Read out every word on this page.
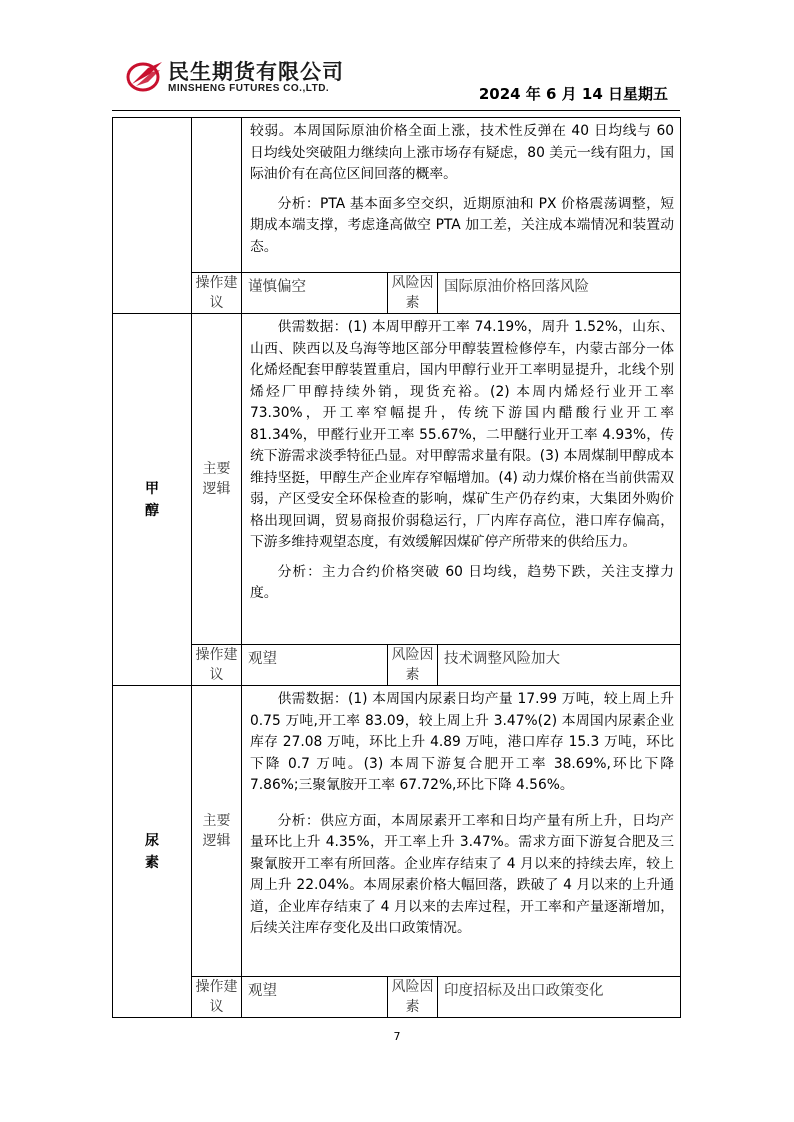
民生期货有限公司
MINSHENG FUTURES CO.,LTD.	2024 年 6 月 14 日星期五

		较弱。本周国际原油价格全面上涨，技术性反弹在 40 日均线与 60 日均线处突破阻力继续向上涨市场存有疑虑，80 美元一线有阻力，国际油价有在高位区间回落的概率。

分析：PTA 基本面多空交织，近期原油和 PX 价格震荡调整，短期成本端支撑，考虑逢高做空 PTA 加工差，关注成本端情况和装置动态。		

	操作建议	谨慎偏空	风险因素	国际原油价格回落风险
甲醇	主要逻辑	供需数据：(1) 本周甲醇开工率 74.19%，周升 1.52%，山东、山西、陕西以及乌海等地区部分甲醇装置检修停车，内蒙古部分一体化烯烃配套甲醇装置重启，国内甲醇行业开工率明显提升，北线个别烯烃厂甲醇持续外销，现货充裕。(2) 本周内烯烃行业开工率 73.30%，开工率窄幅提升，传统下游国内醋酸行业开工率 81.34%，甲醛行业开工率 55.67%，二甲醚行业开工率 4.93%，传统下游需求淡季特征凸显。对甲醇需求量有限。(3) 本周煤制甲醇成本维持坚挺，甲醇生产企业库存窄幅增加。(4) 动力煤价格在当前供需双弱，产区受安全环保检查的影响，煤矿生产仍存约束，大集团外购价格出现回调，贸易商报价弱稳运行，厂内库存高位，港口库存偏高，下游多维持观望态度，有效缓解因煤矿停产所带来的供给压力。

分析：主力合约价格突破 60 日均线，趋势下跌，关注支撑力度。		

	操作建议	观望	风险因素	技术调整风险加大
尿素	主要逻辑	供需数据：(1) 本周国内尿素日均产量 17.99 万吨，较上周上升 0.75 万吨,开工率 83.09，较上周上升 3.47%(2) 本周国内尿素企业库存 27.08 万吨，环比上升 4.89 万吨，港口库存 15.3 万吨，环比下降 0.7 万吨。(3) 本周下游复合肥开工率 38.69%,环比下降 7.86%;三聚氰胺开工率 67.72%,环比下降 4.56%。

分析：供应方面，本周尿素开工率和日均产量有所上升，日均产量环比上升 4.35%，开工率上升 3.47%。需求方面下游复合肥及三聚氰胺开工率有所回落。企业库存结束了 4 月以来的持续去库，较上周上升 22.04%。本周尿素价格大幅回落，跌破了 4 月以来的上升通道，企业库存结束了 4 月以来的去库过程，开工率和产量逐渐增加，后续关注库存变化及出口政策情况。		

	操作建议	观望	风险因素	印度招标及出口政策变化
7
